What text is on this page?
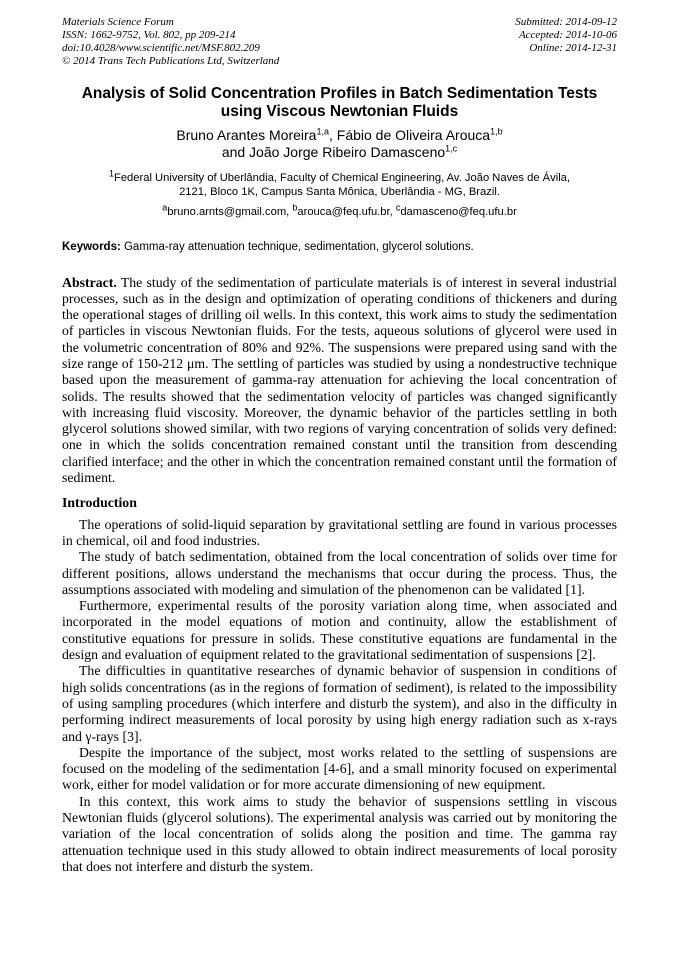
Materials Science Forum
ISSN: 1662-9752, Vol. 802, pp 209-214
doi:10.4028/www.scientific.net/MSF.802.209
© 2014 Trans Tech Publications Ltd, Switzerland
Submitted: 2014-09-12
Accepted: 2014-10-06
Online: 2014-12-31
Analysis of Solid Concentration Profiles in Batch Sedimentation Tests
using Viscous Newtonian Fluids
Bruno Arantes Moreira$^{1,a}$, Fábio de Oliveira Arouca$^{1,b}$
and João Jorge Ribeiro Damasceno$^{1,c}$
$^1$Federal University of Uberlândia, Faculty of Chemical Engineering, Av. João Naves de Ávila,
2121, Bloco 1K, Campus Santa Mônica, Uberlândia - MG, Brazil.
$^a$bruno.arnts@gmail.com, $^b$arouca@feq.ufu.br, $^c$damasceno@feq.ufu.br

Keywords: Gamma-ray attenuation technique, sedimentation, glycerol solutions.

Abstract. The study of the sedimentation of particulate materials is of interest in several industrial processes, such as in the design and optimization of operating conditions of thickeners and during the operational stages of drilling oil wells. In this context, this work aims to study the sedimentation of particles in viscous Newtonian fluids. For the tests, aqueous solutions of glycerol were used in the volumetric concentration of 80% and 92%. The suspensions were prepared using sand with the size range of 150-212 μm. The settling of particles was studied by using a nondestructive technique based upon the measurement of gamma-ray attenuation for achieving the local concentration of solids. The results showed that the sedimentation velocity of particles was changed significantly with increasing fluid viscosity. Moreover, the dynamic behavior of the particles settling in both glycerol solutions showed similar, with two regions of varying concentration of solids very defined: one in which the solids concentration remained constant until the transition from descending clarified interface; and the other in which the concentration remained constant until the formation of sediment.

Introduction

The operations of solid-liquid separation by gravitational settling are found in various processes in chemical, oil and food industries.

The study of batch sedimentation, obtained from the local concentration of solids over time for different positions, allows understand the mechanisms that occur during the process. Thus, the assumptions associated with modeling and simulation of the phenomenon can be validated [1].

Furthermore, experimental results of the porosity variation along time, when associated and incorporated in the model equations of motion and continuity, allow the establishment of constitutive equations for pressure in solids. These constitutive equations are fundamental in the design and evaluation of equipment related to the gravitational sedimentation of suspensions [2].

The difficulties in quantitative researches of dynamic behavior of suspension in conditions of high solids concentrations (as in the regions of formation of sediment), is related to the impossibility of using sampling procedures (which interfere and disturb the system), and also in the difficulty in performing indirect measurements of local porosity by using high energy radiation such as x-rays and γ-rays [3].

Despite the importance of the subject, most works related to the settling of suspensions are focused on the modeling of the sedimentation [4-6], and a small minority focused on experimental work, either for model validation or for more accurate dimensioning of new equipment.

In this context, this work aims to study the behavior of suspensions settling in viscous Newtonian fluids (glycerol solutions). The experimental analysis was carried out by monitoring the variation of the local concentration of solids along the position and time. The gamma ray attenuation technique used in this study allowed to obtain indirect measurements of local porosity that does not interfere and disturb the system.
